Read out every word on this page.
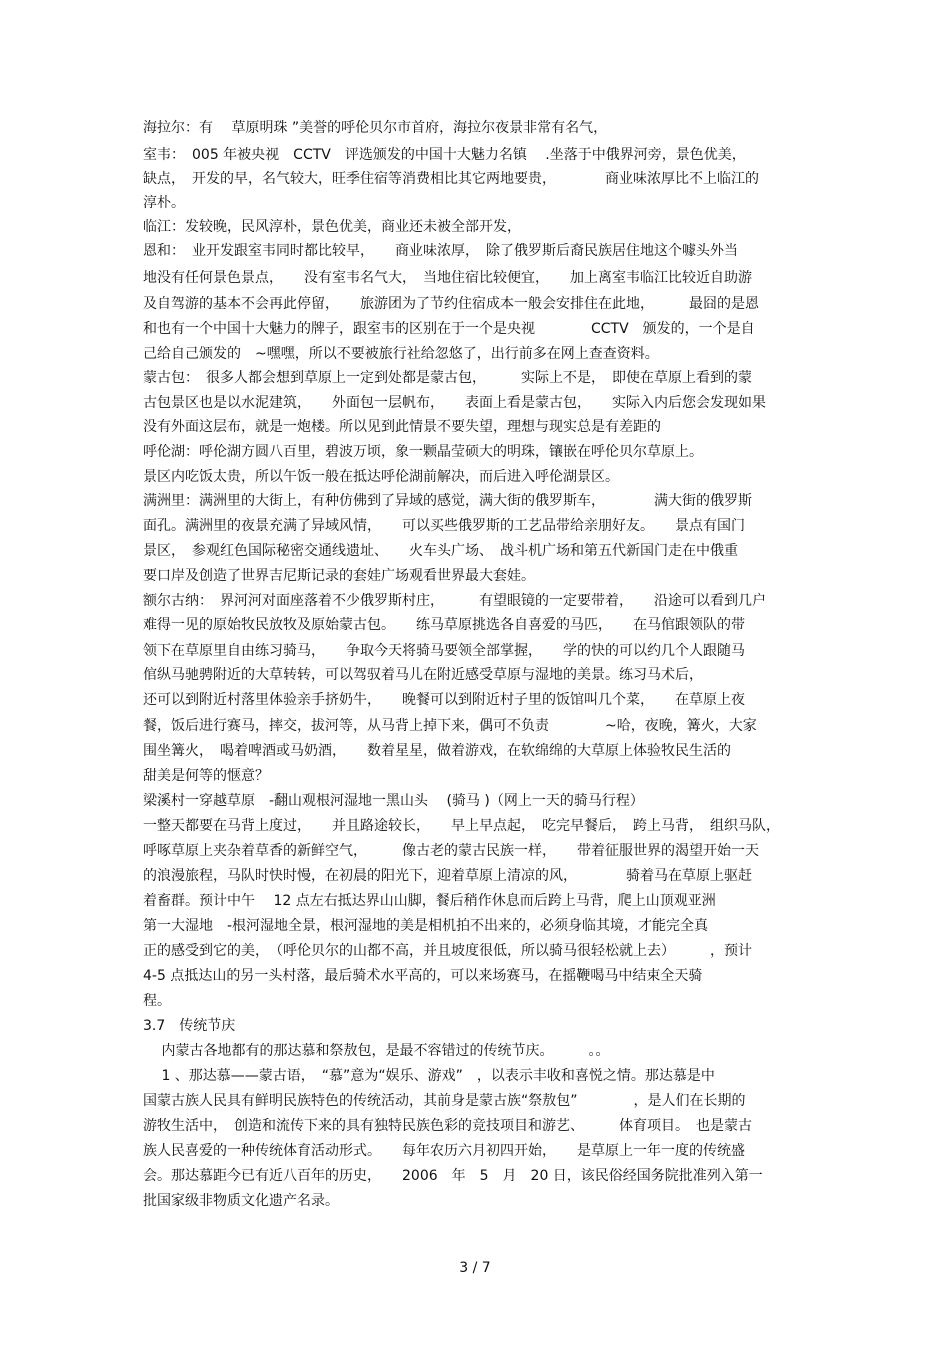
海拉尔：有　 草原明珠 ”美誉的呼伦贝尔市首府，海拉尔夜景非常有名气，
室韦：　005 年被央视　CCTV　评选颁发的中国十大魅力名镇　 .坐落于中俄界河旁，景色优美，
缺点，　开发的早，名气较大，旺季住宿等消费相比其它两地要贵，　　　　商业味浓厚比不上临江的
淳朴。
临江：发较晚，民风淳朴，景色优美，商业还未被全部开发，
恩和：　业开发跟室韦同时都比较早，　　商业味浓厚，　除了俄罗斯后裔民族居住地这个噱头外当
地没有任何景色景点，　　没有室韦名气大，　当地住宿比较便宜，　　加上离室韦临江比较近自助游
及自驾游的基本不会再此停留，　　旅游团为了节约住宿成本一般会安排住在此地，　　　最囧的是恩
和也有一个中国十大魅力的牌子，跟室韦的区别在于一个是央视　　　　CCTV　颁发的，一个是自
己给自己颁发的　~嘿嘿，所以不要被旅行社给忽悠了，出行前多在网上查查资料。
蒙古包：　很多人都会想到草原上一定到处都是蒙古包，　　　实际上不是，　即使在草原上看到的蒙
古包景区也是以水泥建筑，　　外面包一层帆布，　　表面上看是蒙古包，　　实际入内后您会发现如果
没有外面这层布，就是一炮楼。所以见到此情景不要失望，理想与现实总是有差距的
呼伦湖：呼伦湖方圆八百里，碧波万顷，象一颗晶莹硕大的明珠，镶嵌在呼伦贝尔草原上。
景区内吃饭太贵，所以午饭一般在抵达呼伦湖前解决，而后进入呼伦湖景区。
满洲里：满洲里的大街上，有种仿佛到了异域的感觉，满大街的俄罗斯车，　　　　满大街的俄罗斯
面孔。满洲里的夜景充满了异域风情，　　可以买些俄罗斯的工艺品带给亲朋好友。　　景点有国门
景区，　参观红色国际秘密交通线遗址、　　火车头广场、　战斗机广场和第五代新国门走在中俄重
要口岸及创造了世界吉尼斯记录的套娃广场观看世界最大套娃。
额尔古纳：　界河河对面座落着不少俄罗斯村庄，　　　有望眼镜的一定要带着，　　沿途可以看到几户
难得一见的原始牧民放牧及原始蒙古包。　　练马草原挑选各自喜爱的马匹，　　在马倌跟领队的带
领下在草原里自由练习骑马，　　争取今天将骑马要领全部掌握，　　学的快的可以约几个人跟随马
倌纵马驰骋附近的大草转转，可以驾驭着马儿在附近感受草原与湿地的美景。练习马术后，
还可以到附近村落里体验亲手挤奶牛，　　晚餐可以到附近村子里的饭馆叫几个菜，　　在草原上夜
餐，饭后进行赛马，摔交，拔河等，从马背上掉下来，偶可不负责　　　　~哈，夜晚，篝火，大家
围坐篝火，　喝着啤酒或马奶酒，　　数着星星，做着游戏，在软绵绵的大草原上体验牧民生活的
甜美是何等的惬意？
梁溪村一穿越草原　-翻山观根河湿地一黑山头　 (骑马 )（网上一天的骑马行程）
一整天都要在马背上度过，　　并且路途较长，　　早上早点起，　吃完早餐后，　跨上马背，　组织马队，
呼啄草原上夹杂着草香的新鲜空气，　　　像古老的蒙古民族一样，　　带着征服世界的渴望开始一天
的浪漫旅程，马队时快时慢，在初晨的阳光下，迎着草原上清凉的风，　　　　骑着马在草原上驱赶
着畜群。预计中午　 12 点左右抵达界山山脚，餐后稍作休息而后跨上马背，爬上山顶观亚洲
第一大湿地　-根河湿地全景，根河湿地的美是相机拍不出来的，必须身临其境，才能完全真
正的感受到它的美，　（呼伦贝尔的山都不高，并且坡度很低，所以骑马很轻松就上去）　　　，预计
4-5 点抵达山的另一头村落，最后骑术水平高的，可以来场赛马，在摇鞭喝马中结束全天骑
程。
3.7　传统节庆
　 内蒙古各地都有的那达慕和祭敖包，是最不容错过的传统节庆。　　　。。
　 1 、那达慕——蒙古语，　“慕”意为“娱乐、游戏”　，以表示丰收和喜悦之情。那达慕是中
国蒙古族人民具有鲜明民族特色的传统活动，其前身是蒙古族“祭敖包”　　　　，是人们在长期的
游牧生活中，　创造和流传下来的具有独特民族色彩的竞技项目和游艺、　　　体育项目。　也是蒙古
族人民喜爱的一种传统体育活动形式。　　每年农历六月初四开始，　　是草原上一年一度的传统盛
会。那达慕距今已有近八百年的历史，　　2006　年　5　月　20 日，该民俗经国务院批准列入第一
批国家级非物质文化遗产名录。
3 / 7
